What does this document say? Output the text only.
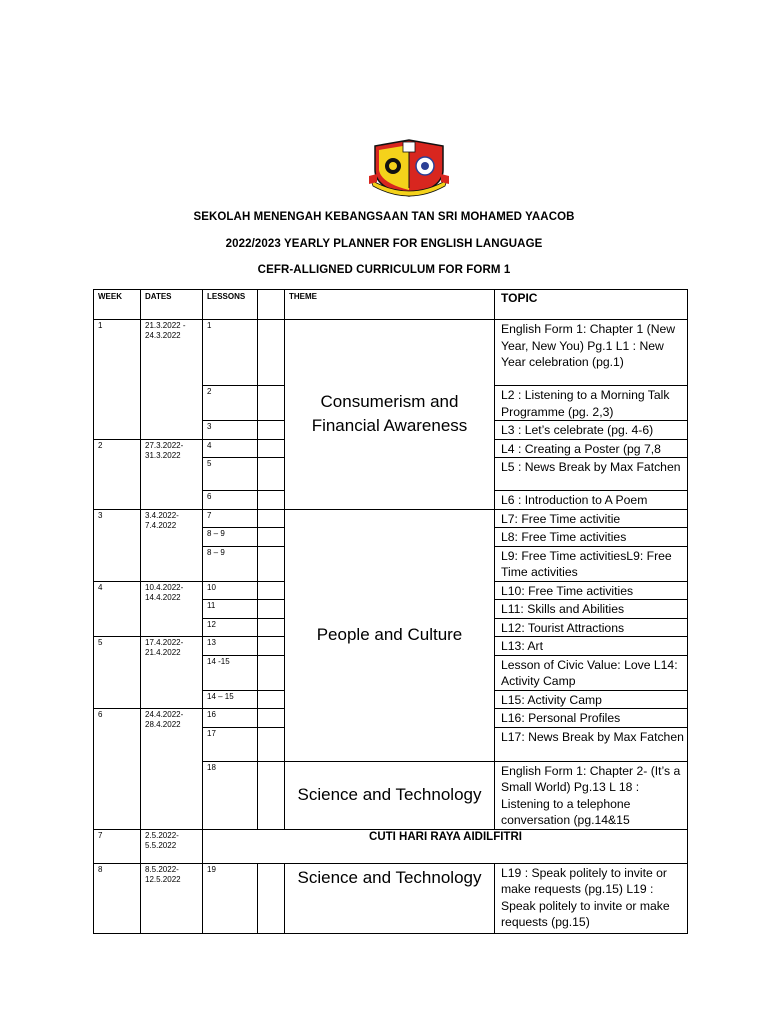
SEKOLAH MENENGAH KEBANGSAAN TAN SRI MOHAMED YAACOB
2022/2023 YEARLY PLANNER FOR ENGLISH LANGUAGE
CEFR-ALLIGNED CURRICULUM FOR FORM 1
WEEK	DATES	LESSONS		THEME	TOPIC
1	21.3.2022 - 24.3.2022	1		Consumerism and Financial Awareness	English Form 1: Chapter 1 (New Year, New You) Pg.1 L1 : New Year celebration (pg.1)
		2			L2 : Listening to a Morning Talk Programme (pg. 2,3)
		3			L3 : Let’s celebrate (pg. 4-6)
2	27.3.2022- 31.3.2022	4			L4 : Creating a Poster (pg 7,8
		5			L5 : News Break by Max Fatchen
		6			L6 : Introduction to A Poem
3	3.4.2022- 7.4.2022	7		People and Culture	L7: Free Time activitie
		8 – 9			L8: Free Time activities
		8 – 9			L9: Free Time activitiesL9: Free Time activities
4	10.4.2022- 14.4.2022	10			L10: Free Time activities
		11			L11: Skills and Abilities
		12			L12: Tourist Attractions
5	17.4.2022- 21.4.2022	13			L13: Art
		14 -15			Lesson of Civic Value: Love L14: Activity Camp
		14 – 15			L15: Activity Camp
6	24.4.2022- 28.4.2022	16			L16: Personal Profiles
		17			L17: News Break by Max Fatchen
		18		Science and Technology	English Form 1: Chapter 2- (It’s a Small World) Pg.13 L 18 : Listening to a telephone conversation (pg.14&15
7	2.5.2022- 5.5.2022	CUTI HARI RAYA AIDILFITRI			
8	8.5.2022- 12.5.2022	19		Science and Technology	L19 : Speak politely to invite or make requests (pg.15) L19 : Speak politely to invite or make requests (pg.15)
